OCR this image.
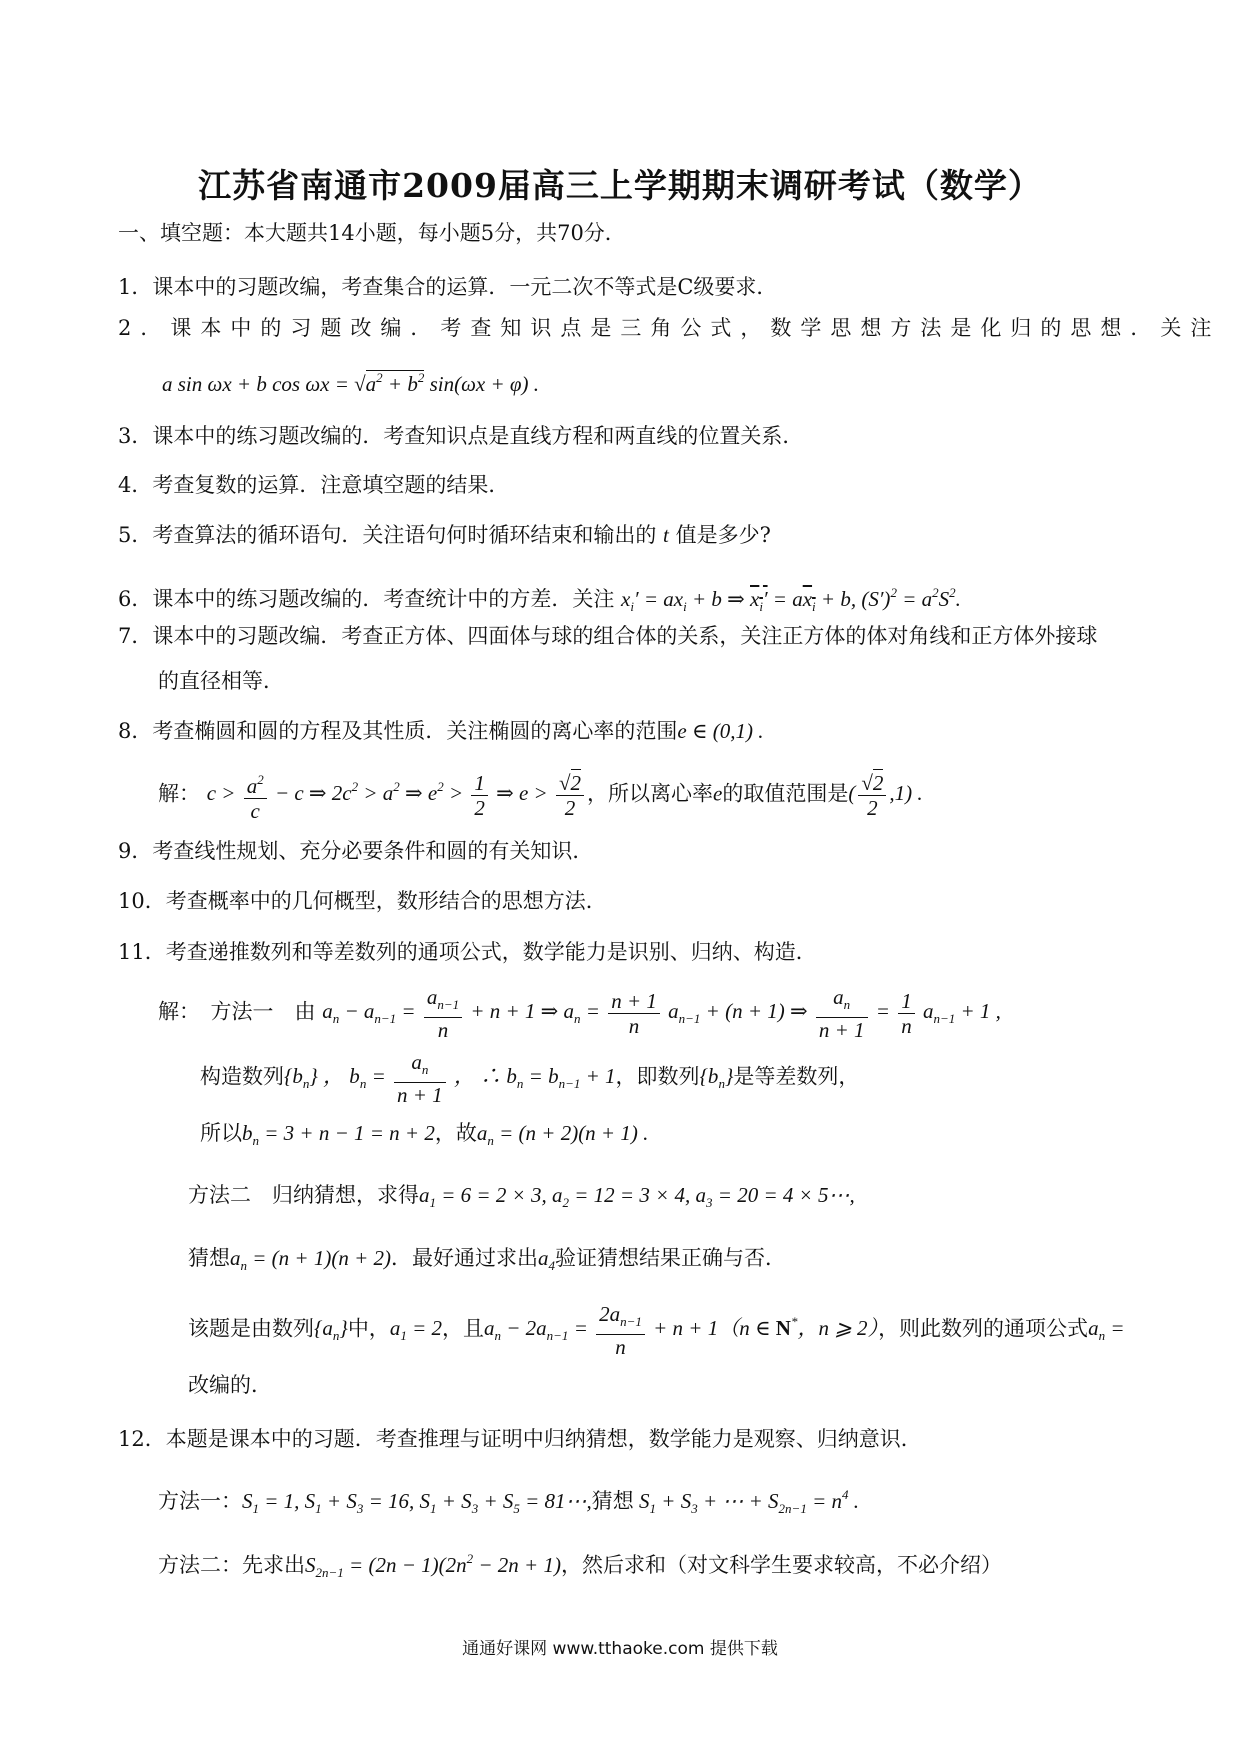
江苏省南通市2009届高三上学期期末调研考试（数学）
一、填空题：本大题共14小题，每小题5分，共70分．
1．课本中的习题改编，考查集合的运算．一元二次不等式是C级要求．
2．课本中的习题改编．考查知识点是三角公式，数学思想方法是化归的思想．关注
a sin ωx + b $\cos \omega x = √a^2 + b^2$ sin(ωx + φ) .
3．课本中的练习题改编的．考查知识点是直线方程和两直线的位置关系．
4．考查复数的运算．注意填空题的结果．
5．考查算法的循环语句．关注语句何时循环结束和输出的 t 值是多少?
6．课本中的练习题改编的．考查统计中的方差．关注 $x_i' = ax_i + b$ ⇒ $x_i' = ax_i + b$, $(S')^2 = a^2S^2$.
7．课本中的习题改编．考查正方体、四面体与球的组合体的关系，关注正方体的体对角线和正方体外接球
的直径相等．
8．考查椭圆和圆的方程及其性质．关注椭圆的离心率的范围e ∈ (0,1) .
解： $c > \frac{a^2}{c} - c$ ⇒ $2c^2 > a^2$ ⇒ $e^2 > \frac{1}{2}$ ⇒ $e > \frac{√2}{2}$ ，所以离心率e的取值范围是( $\frac{√2}{2} ,1$) .
9．考查线性规划、充分必要条件和圆的有关知识．
10．考查概率中的几何概型，数形结合的思想方法．
11．考查递推数列和等差数列的通项公式，数学能力是识别、归纳、构造．
解：　方法一　由 $a_n - a_{n-1} = \frac{a_{n-1}}{n} + n + 1$ ⇒ $a_n = \frac{n + 1}{n} a_{n-1} + (n + 1)$ ⇒ $\frac{a_n}{n + 1} = \frac{1}{n} a_{n-1} + 1$ ,
构造数列$\{b_n\}$ ， $b_n = \frac{a_n}{n + 1}$ ， ∴ $b_n = b_{n-1} + 1$，即数列$\{b_n\}$是等差数列，
所以$b_n = 3 + n - 1 = n + 2$，故$a_n = (n + 2)(n + 1)$ .
方法二　归纳猜想，求得$a_1 = 6 = 2 \times 3$, $a_2 = 12 = 3 \times 4$, $a_3 = 20 = 4$ × 5⋯,
猜想$a_n = (n + 1)(n + 2)$．最好通过求出$a_4$验证猜想结果正确与否．
该题是由数列$\{a_n\}$中，$a_1 = 2$，且$a_n - 2a_{n-1} = \frac{2a_{n-1}}{n} + n + 1(n$ ∈ N*，n ⩾ 2），则此数列的通项公式$a_n$ =
改编的．
12．本题是课本中的习题．考查推理与证明中归纳猜想，数学能力是观察、归纳意识．
方法一：$S_1 = 1$, $S_1 + S_3 = 16$, $S_1 + S_3 + S_5$ = 81⋯,猜想 $S_1 + S_3$ + ⋯ + $S_{2n-1} = n^4$ .
方法二：先求出$S_{2n-1} = (2n - 1)(2n^2 - 2n + 1)$，然后求和（对文科学生要求较高，不必介绍）
通通好课网 www.tthaoke.com 提供下载
